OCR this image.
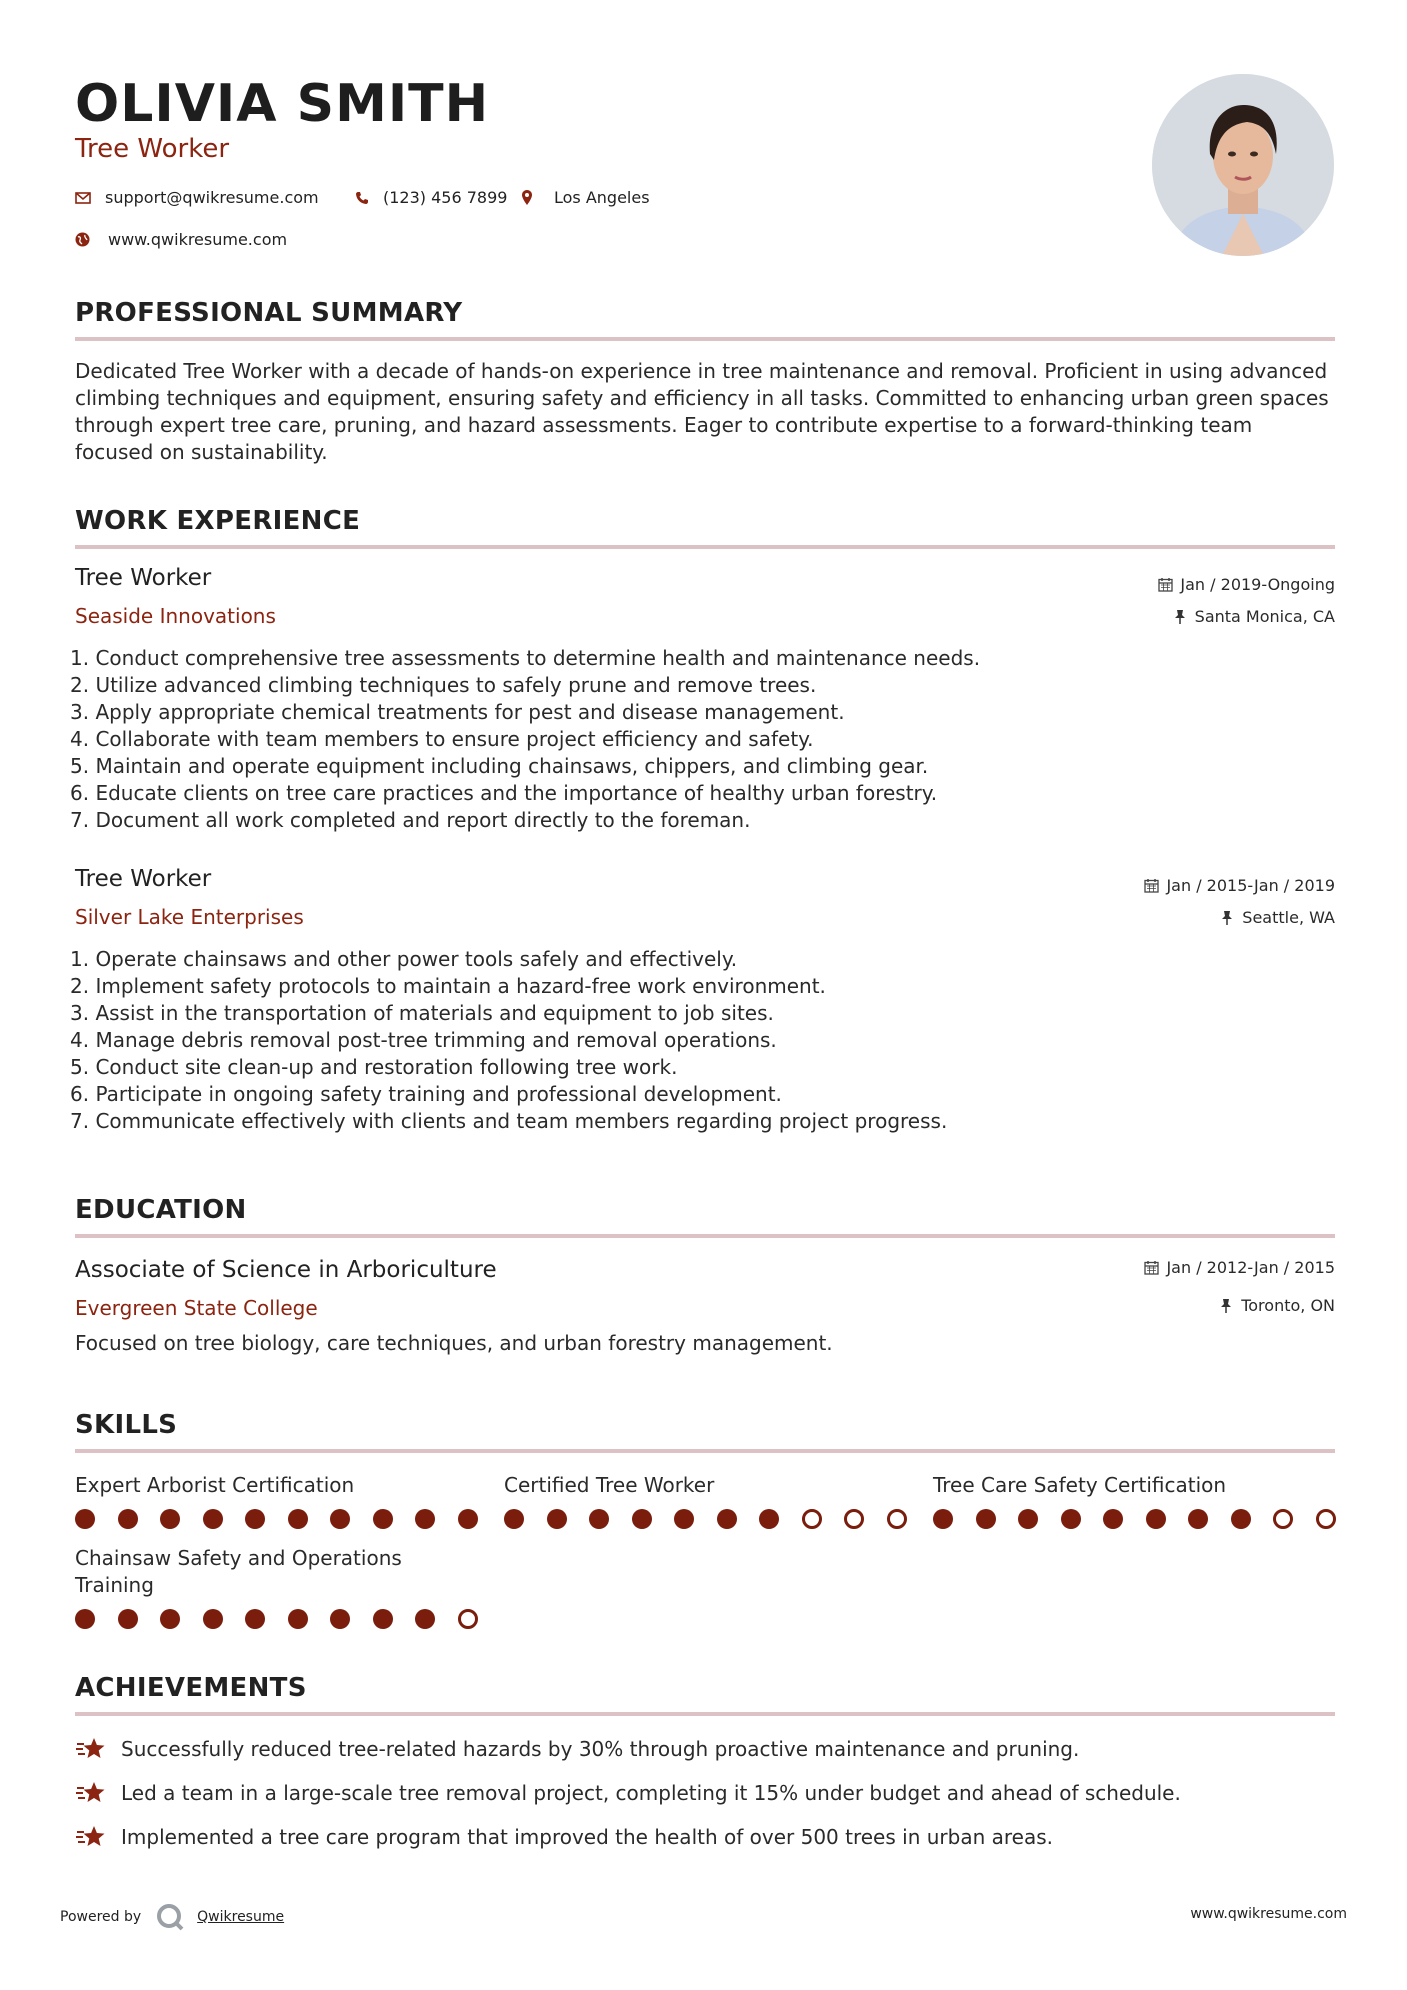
OLIVIA SMITH
Tree Worker
support@qwikresume.com	(123) 456 7899	Los Angeles
www.qwikresume.com
PROFESSIONAL SUMMARY
Dedicated Tree Worker with a decade of hands-on experience in tree maintenance and removal. Proficient in using advanced climbing techniques and equipment, ensuring safety and efficiency in all tasks. Committed to enhancing urban green spaces through expert tree care, pruning, and hazard assessments. Eager to contribute expertise to a forward-thinking team focused on sustainability.
WORK EXPERIENCE
Tree Worker
Seaside Innovations
Jan / 2019-Ongoing
Santa Monica, CA
1. Conduct comprehensive tree assessments to determine health and maintenance needs.
2. Utilize advanced climbing techniques to safely prune and remove trees.
3. Apply appropriate chemical treatments for pest and disease management.
4. Collaborate with team members to ensure project efficiency and safety.
5. Maintain and operate equipment including chainsaws, chippers, and climbing gear.
6. Educate clients on tree care practices and the importance of healthy urban forestry.
7. Document all work completed and report directly to the foreman.
Tree Worker
Silver Lake Enterprises
Jan / 2015-Jan / 2019
Seattle, WA
1. Operate chainsaws and other power tools safely and effectively.
2. Implement safety protocols to maintain a hazard-free work environment.
3. Assist in the transportation of materials and equipment to job sites.
4. Manage debris removal post-tree trimming and removal operations.
5. Conduct site clean-up and restoration following tree work.
6. Participate in ongoing safety training and professional development.
7. Communicate effectively with clients and team members regarding project progress.
EDUCATION
Associate of Science in Arboriculture
Evergreen State College
Jan / 2012-Jan / 2015
Toronto, ON
Focused on tree biology, care techniques, and urban forestry management.
SKILLS
Expert Arborist Certification	Certified Tree Worker	Tree Care Safety Certification
Chainsaw Safety and Operations Training
ACHIEVEMENTS
Successfully reduced tree-related hazards by 30% through proactive maintenance and pruning.
Led a team in a large-scale tree removal project, completing it 15% under budget and ahead of schedule.
Implemented a tree care program that improved the health of over 500 trees in urban areas.
Powered by	Qwikresume	www.qwikresume.com
